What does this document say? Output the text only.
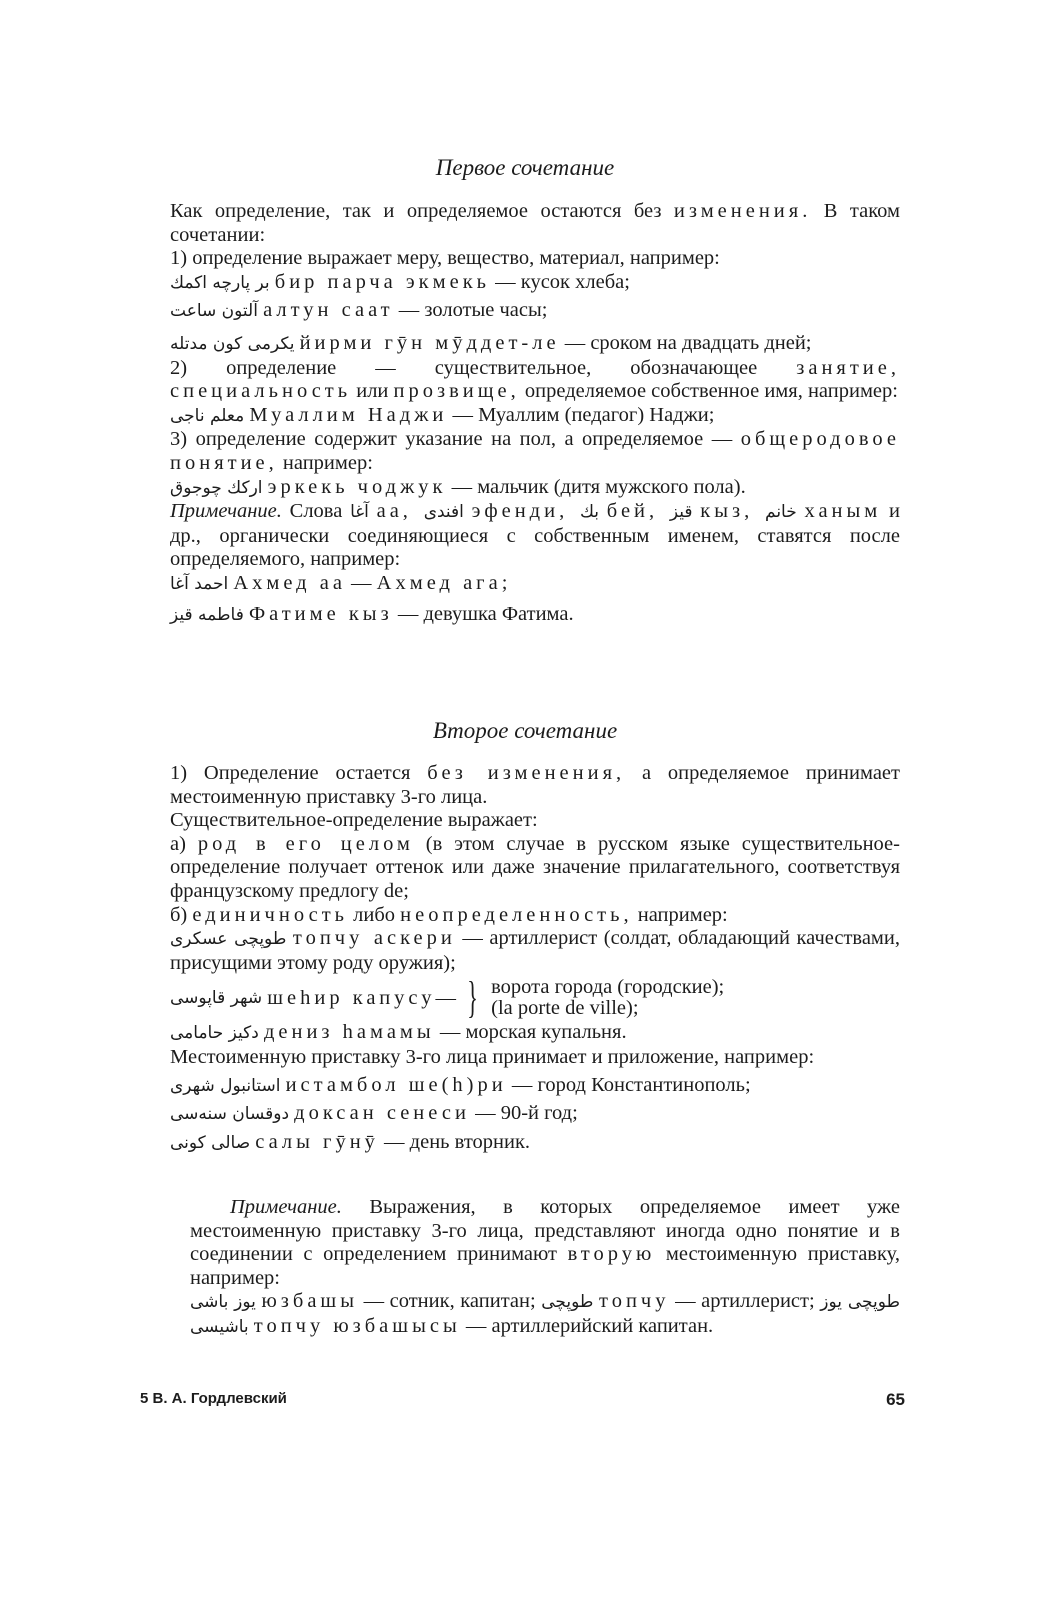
Первое сочетание
Как определение, так и определяемое остаются без изменения. В таком сочетании:
1) определение выражает меру, вещество, материал, например:
بر پارچه اكمك бир парча экмекь — кусок хлеба;
آلتون ساعت алтун саат — золотые часы;
يكرمى كون مدتله йирми гӯн мӯддет-ле — сроком на двадцать дней;
2) определение — существительное, обозначающее занятие, специальность или прозвище, определяемое собственное имя, например:
معلم ناجى Муаллим Наджи — Муаллим (педагог) Наджи;
3) определение содержит указание на пол, а определяемое — общеродовое понятие, например:
اركك چوجوق эркекь чоджук — мальчик (дитя мужского пола).
Примечание. Слова آغا аа, افندى эфенди, بك бей, قيز кыз, خانم ханым и др., органически соединяющиеся с собственным именем, ставятся после определяемого, например:
احمد آغا Ахмед аа — Ахмед ага;
فاطمه قيز Фатиме кыз — девушка Фатима.
Второе сочетание
1) Определение остается без изменения, а определяемое принимает местоименную приставку 3-го лица.
Существительное-определение выражает:
а) род в его целом (в этом случае в русском языке существительное-определение получает оттенок или даже значение прилагательного, соответствуя французскому предлогу de;
б) единичность либо неопределенность, например:
طوپچى عسكرى топчу аскери — артиллерист (солдат, обладающий качествами, присущими этому роду оружия);
شهر قاپوسى
шеhир капусу — } ворота города (городские);
(la porte de ville);
دكيز حامامى дениз hамамы — морская купальня.
Местоименную приставку 3-го лица принимает и приложение, например:
استانبول شهرى истамбол ше(h)ри — город Константинополь;
دوقسان سنه‌سى доксан сенеси — 90-й год;
صالى كونى салы гӯнӯ — день вторник.
Примечание. Выражения, в которых определяемое имеет уже местоименную приставку 3-го лица, представляют иногда одно понятие и в соединении с определением принимают вторую местоименную приставку, например:
يوز باشى юзбашы — сотник, капитан; طوپچى топчу — артиллерист; طوپچى يوز باشيسى топчу юзбашысы — артиллерийский капитан.
5 В. А. Гордлевский	65
